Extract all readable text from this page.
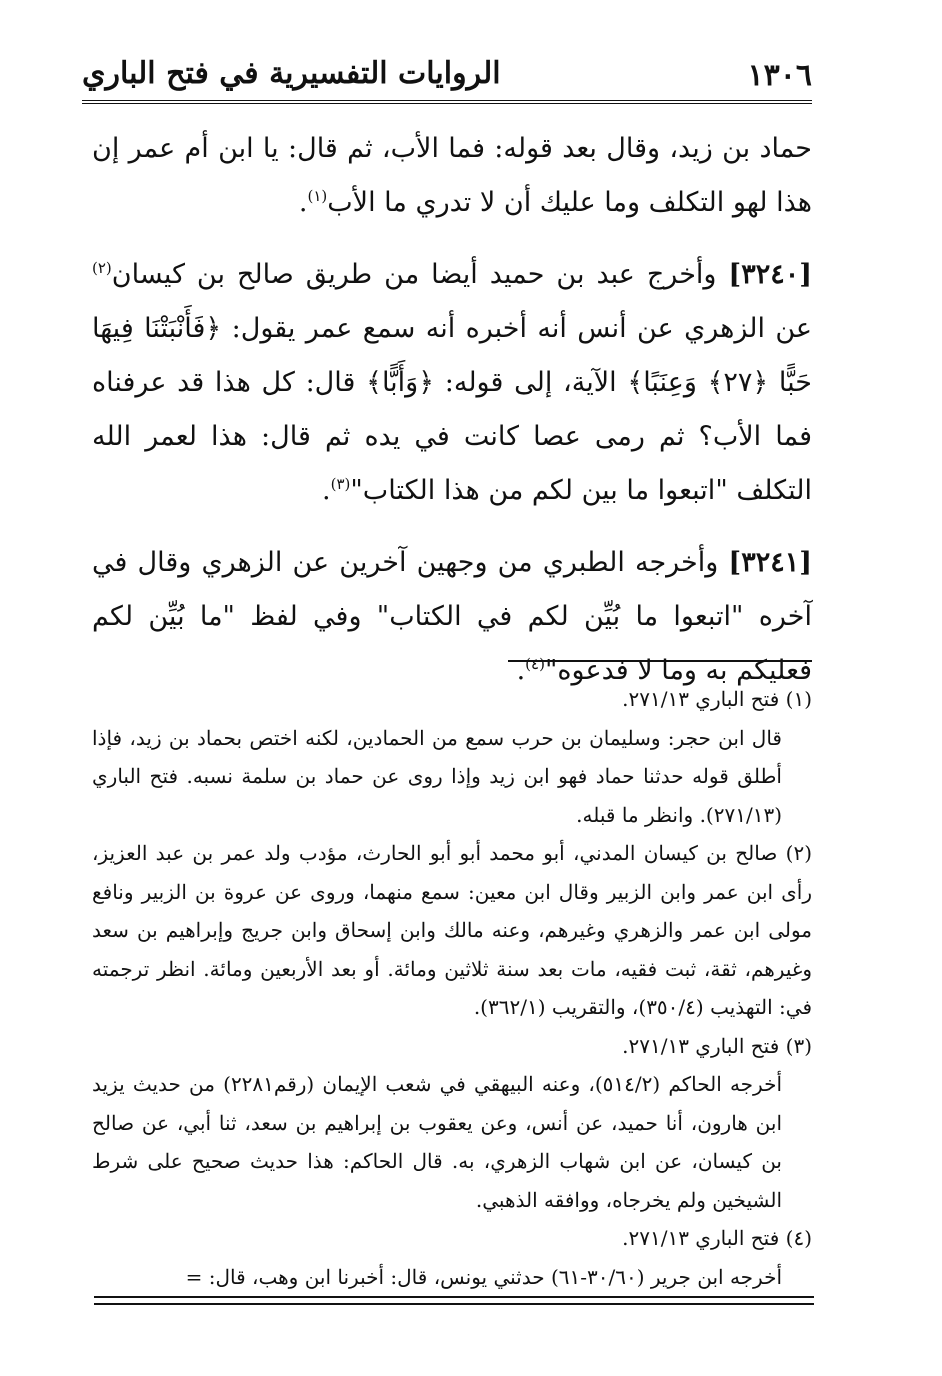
١٣٠٦
الروايات التفسيرية في فتح الباري

حماد بن زيد، وقال بعد قوله: فما الأب، ثم قال: يا ابن أم عمر إن هذا لهو التكلف وما عليك أن لا تدري ما الأب$^{(١)}$.

[٣٢٤٠] وأخرج عبد بن حميد أيضا من طريق صالح بن كيسان$^{(٢)}$ عن الزهري عن أنس أنه أخبره أنه سمع عمر يقول: ﴿فَأَنْبَتْنَا فِيهَا حَبًّا ﴿٢٧﴾ وَعِنَبًا﴾ الآية، إلى قوله: ﴿وَأَبًّا﴾ قال: كل هذا قد عرفناه فما الأب؟ ثم رمى عصا كانت في يده ثم قال: هذا لعمر الله التكلف "اتبعوا ما بين لكم من هذا الكتاب"$^{(٣)}$.

[٣٢٤١] وأخرجه الطبري من وجهين آخرين عن الزهري وقال في آخره "اتبعوا ما بُيِّن لكم في الكتاب" وفي لفظ "ما بُيِّن لكم فعليكم به وما لا فدعوه"$^{(٤)}$.

(١) فتح الباري ٢٧١/١٣.

قال ابن حجر: وسليمان بن حرب سمع من الحمادين، لكنه اختص بحماد بن زيد، فإذا أطلق قوله حدثنا حماد فهو ابن زيد وإذا روى عن حماد بن سلمة نسبه. فتح الباري (٢٧١/١٣). وانظر ما قبله.

(٢) صالح بن كيسان المدني، أبو محمد أبو أبو الحارث، مؤدب ولد عمر بن عبد العزيز، رأى ابن عمر وابن الزبير وقال ابن معين: سمع منهما، وروى عن عروة بن الزبير ونافع مولى ابن عمر والزهري وغيرهم، وعنه مالك وابن إسحاق وابن جريج وإبراهيم بن سعد وغيرهم، ثقة، ثبت فقيه، مات بعد سنة ثلاثين ومائة. أو بعد الأربعين ومائة. انظر ترجمته في: التهذيب (٣٥٠/٤)، والتقريب (٣٦٢/١).

(٣) فتح الباري ٢٧١/١٣.

أخرجه الحاكم (٥١٤/٢)، وعنه البيهقي في شعب الإيمان (رقم٢٢٨١) من حديث يزيد ابن هارون، أنا حميد، عن أنس، وعن يعقوب بن إبراهيم بن سعد، ثنا أبي، عن صالح بن كيسان، عن ابن شهاب الزهري، به. قال الحاكم: هذا حديث صحيح على شرط الشيخين ولم يخرجاه، ووافقه الذهبي.

(٤) فتح الباري ٢٧١/١٣.

أخرجه ابن جرير (٣٠/٦٠-٦١) حدثني يونس، قال: أخبرنا ابن وهب، قال: =
